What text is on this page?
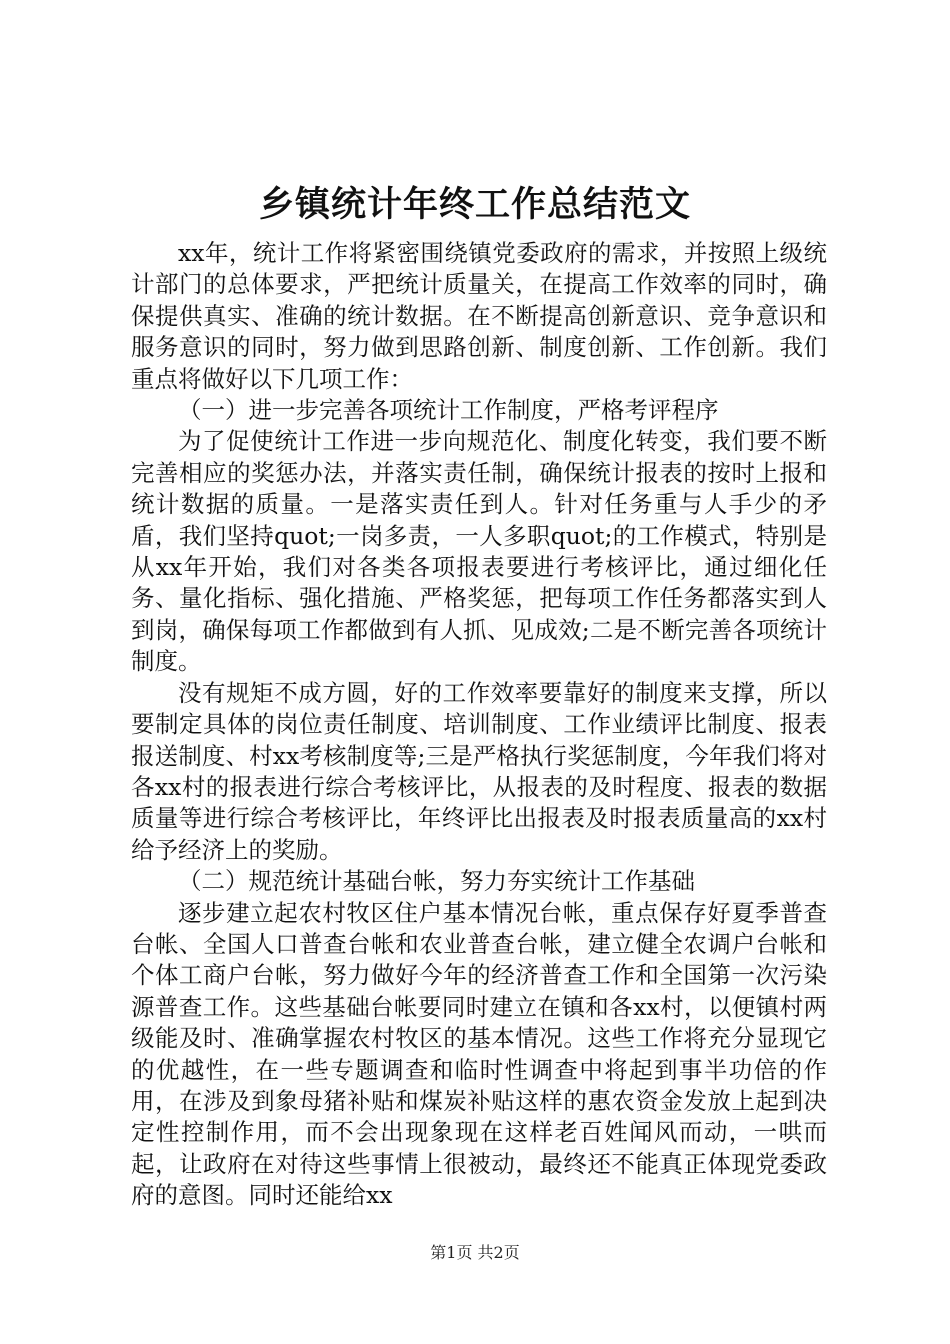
乡镇统计年终工作总结范文

xx年，统计工作将紧密围绕镇党委政府的需求，并按照上级统计部门的总体要求，严把统计质量关，在提高工作效率的同时，确保提供真实、准确的统计数据。在不断提高创新意识、竞争意识和服务意识的同时，努力做到思路创新、制度创新、工作创新。我们重点将做好以下几项工作：

（一）进一步完善各项统计工作制度，严格考评程序

为了促使统计工作进一步向规范化、制度化转变，我们要不断完善相应的奖惩办法，并落实责任制，确保统计报表的按时上报和统计数据的质量。一是落实责任到人。针对任务重与人手少的矛盾，我们坚持quot;一岗多责，一人多职quot;的工作模式，特别是从xx年开始，我们对各类各项报表要进行考核评比，通过细化任务、量化指标、强化措施、严格奖惩，把每项工作任务都落实到人到岗，确保每项工作都做到有人抓、见成效;二是不断完善各项统计制度。

没有规矩不成方圆，好的工作效率要靠好的制度来支撑，所以要制定具体的岗位责任制度、培训制度、工作业绩评比制度、报表报送制度、村xx考核制度等;三是严格执行奖惩制度，今年我们将对各xx村的报表进行综合考核评比，从报表的及时程度、报表的数据质量等进行综合考核评比，年终评比出报表及时报表质量高的xx村给予经济上的奖励。

（二）规范统计基础台帐，努力夯实统计工作基础

逐步建立起农村牧区住户基本情况台帐，重点保存好夏季普查台帐、全国人口普查台帐和农业普查台帐，建立健全农调户台帐和个体工商户台帐，努力做好今年的经济普查工作和全国第一次污染源普查工作。这些基础台帐要同时建立在镇和各xx村，以便镇村两级能及时、准确掌握农村牧区的基本情况。这些工作将充分显现它的优越性，在一些专题调查和临时性调查中将起到事半功倍的作用，在涉及到象母猪补贴和煤炭补贴这样的惠农资金发放上起到决定性控制作用，而不会出现象现在这样老百姓闻风而动，一哄而起，让政府在对待这些事情上很被动，最终还不能真正体现党委政府的意图。同时还能给xx

第1页 共2页
